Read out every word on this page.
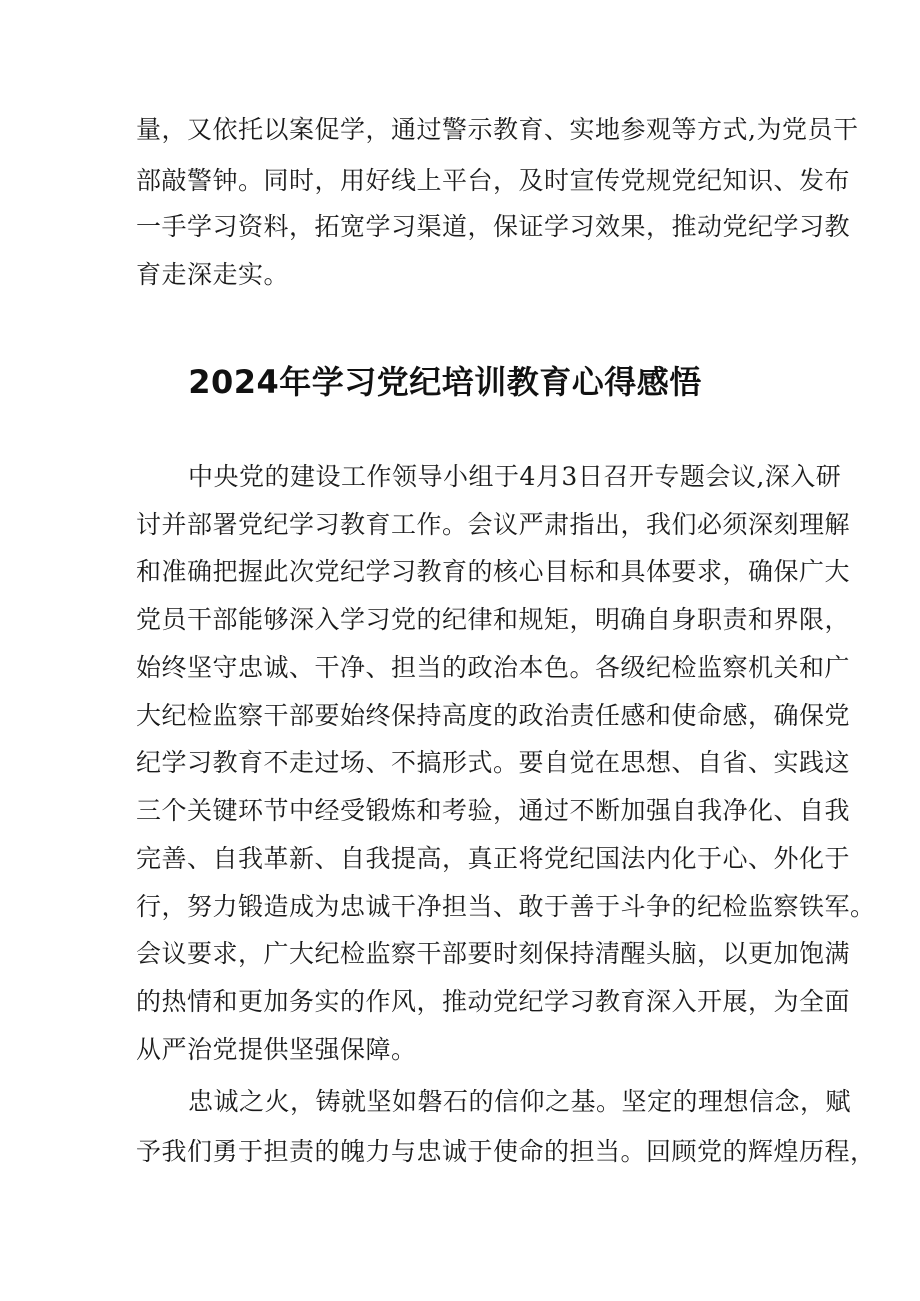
量，又依托以案促学，通过警示教育、实地参观等方式,为党员干

部敲警钟。同时，用好线上平台，及时宣传党规党纪知识、发布

一手学习资料，拓宽学习渠道，保证学习效果，推动党纪学习教

育走深走实。

2024年学习党纪培训教育心得感悟

中央党的建设工作领导小组于4月3日召开专题会议,深入研

讨并部署党纪学习教育工作。会议严肃指出，我们必须深刻理解

和准确把握此次党纪学习教育的核心目标和具体要求，确保广大

党员干部能够深入学习党的纪律和规矩，明确自身职责和界限，

始终坚守忠诚、干净、担当的政治本色。各级纪检监察机关和广

大纪检监察干部要始终保持高度的政治责任感和使命感，确保党

纪学习教育不走过场、不搞形式。要自觉在思想、自省、实践这

三个关键环节中经受锻炼和考验，通过不断加强自我净化、自我

完善、自我革新、自我提高，真正将党纪国法内化于心、外化于

行，努力锻造成为忠诚干净担当、敢于善于斗争的纪检监察铁军。

会议要求，广大纪检监察干部要时刻保持清醒头脑，以更加饱满

的热情和更加务实的作风，推动党纪学习教育深入开展，为全面

从严治党提供坚强保障。

忠诚之火，铸就坚如磐石的信仰之基。坚定的理想信念，赋

予我们勇于担责的魄力与忠诚于使命的担当。回顾党的辉煌历程，
